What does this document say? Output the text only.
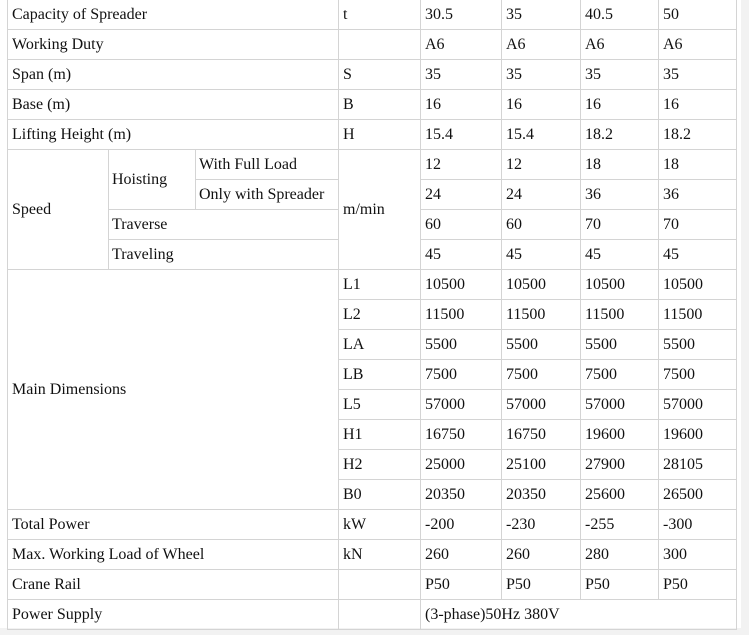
Capacity of Spreader			t	30.5	35	40.5	50
Working Duty				A6	A6	A6	A6
Span (m)			S	35	35	35	35
Base (m)			B	16	16	16	16
Lifting Height (m)			H	15.4	15.4	18.2	18.2
Speed	Hoisting	With Full Load	m/min	12	12	18	18
		Only with Spreader		24	24	36	36
	Traverse			60	60	70	70
	Traveling			45	45	45	45
Main Dimensions			L1	10500	10500	10500	10500
			L2	11500	11500	11500	11500
			LA	5500	5500	5500	5500
			LB	7500	7500	7500	7500
			L5	57000	57000	57000	57000
			H1	16750	16750	19600	19600
			H2	25000	25100	27900	28105
			B0	20350	20350	25600	26500
Total Power			kW	-200	-230	-255	-300
Max. Working Load of Wheel			kN	260	260	280	300
Crane Rail				P50	P50	P50	P50
Power Supply				(3-phase)50Hz 380V			
